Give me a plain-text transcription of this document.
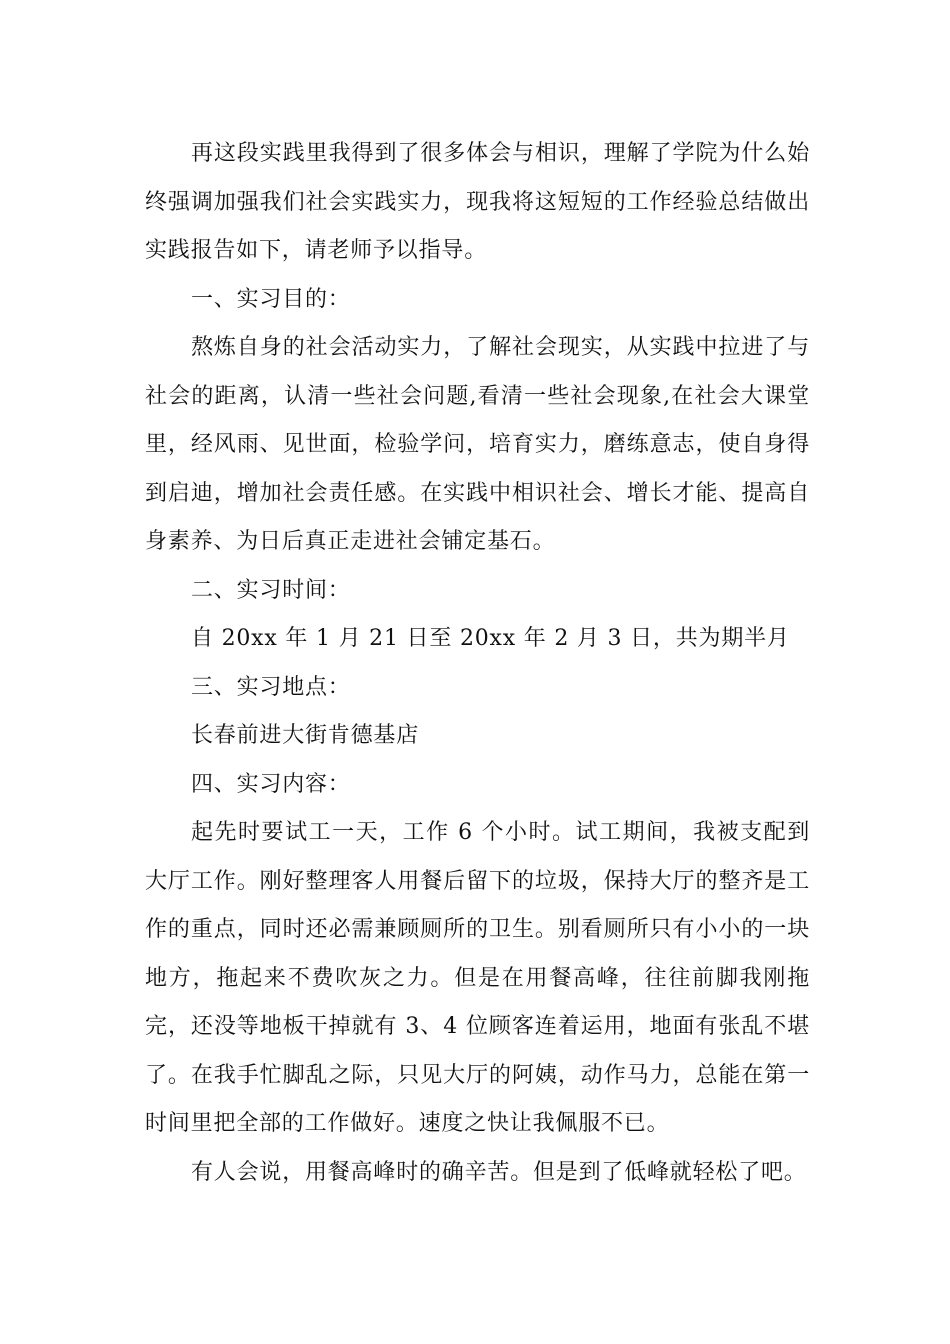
再这段实践里我得到了很多体会与相识，理解了学院为什么始终强调加强我们社会实践实力，现我将这短短的工作经验总结做出实践报告如下，请老师予以指导。

一、实习目的：

熬炼自身的社会活动实力，了解社会现实，从实践中拉进了与社会的距离，认清一些社会问题,看清一些社会现象,在社会大课堂里，经风雨、见世面，检验学问，培育实力，磨练意志，使自身得到启迪，增加社会责任感。在实践中相识社会、增长才能、提高自身素养、为日后真正走进社会铺定基石。

二、实习时间：

自 20xx 年 1 月 21 日至 20xx 年 2 月 3 日，共为期半月

三、实习地点：

长春前进大街肯德基店

四、实习内容：

起先时要试工一天，工作 6 个小时。试工期间，我被支配到大厅工作。刚好整理客人用餐后留下的垃圾，保持大厅的整齐是工作的重点，同时还必需兼顾厕所的卫生。别看厕所只有小小的一块地方，拖起来不费吹灰之力。但是在用餐高峰，往往前脚我刚拖完，还没等地板干掉就有 3、4 位顾客连着运用，地面有张乱不堪了。在我手忙脚乱之际，只见大厅的阿姨，动作马力，总能在第一时间里把全部的工作做好。速度之快让我佩服不已。

有人会说，用餐高峰时的确辛苦。但是到了低峰就轻松了吧。
